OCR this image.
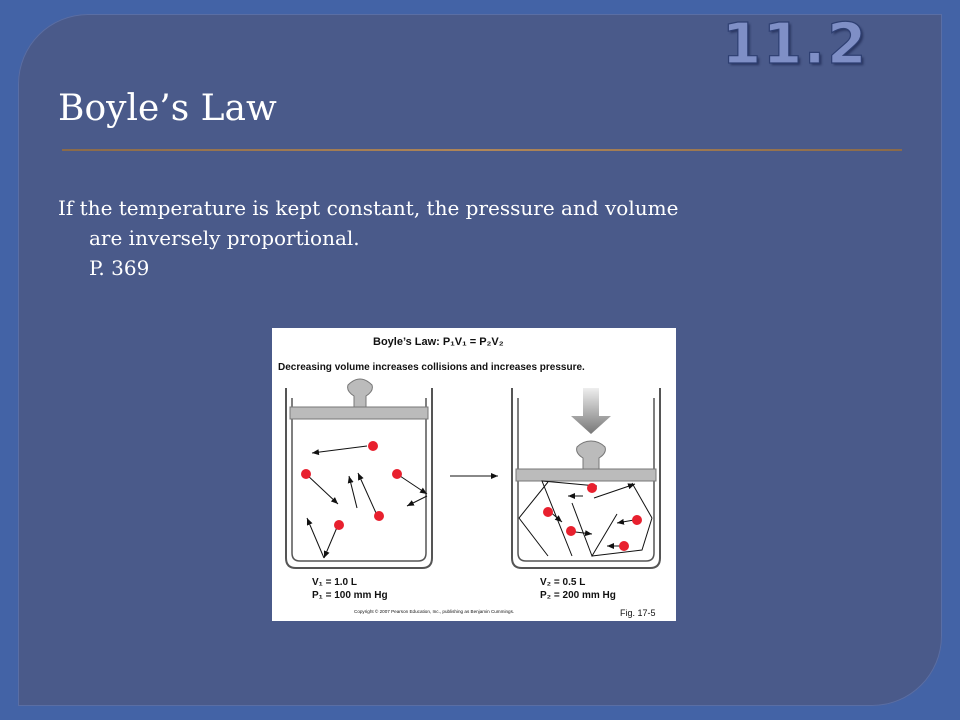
11.2
Boyle’s Law
If the temperature is kept constant, the pressure and volume
are inversely proportional.
P. 369
Boyle’s Law: P₁V₁ = P₂V₂
Decreasing volume increases collisions and increases pressure.
V₁ = 1.0 L
P₁ = 100 mm Hg
V₂ = 0.5 L
P₂ = 200 mm Hg
Copyright © 2007 Pearson Education, Inc., publishing as Benjamin Cummings.	Fig. 17-5
